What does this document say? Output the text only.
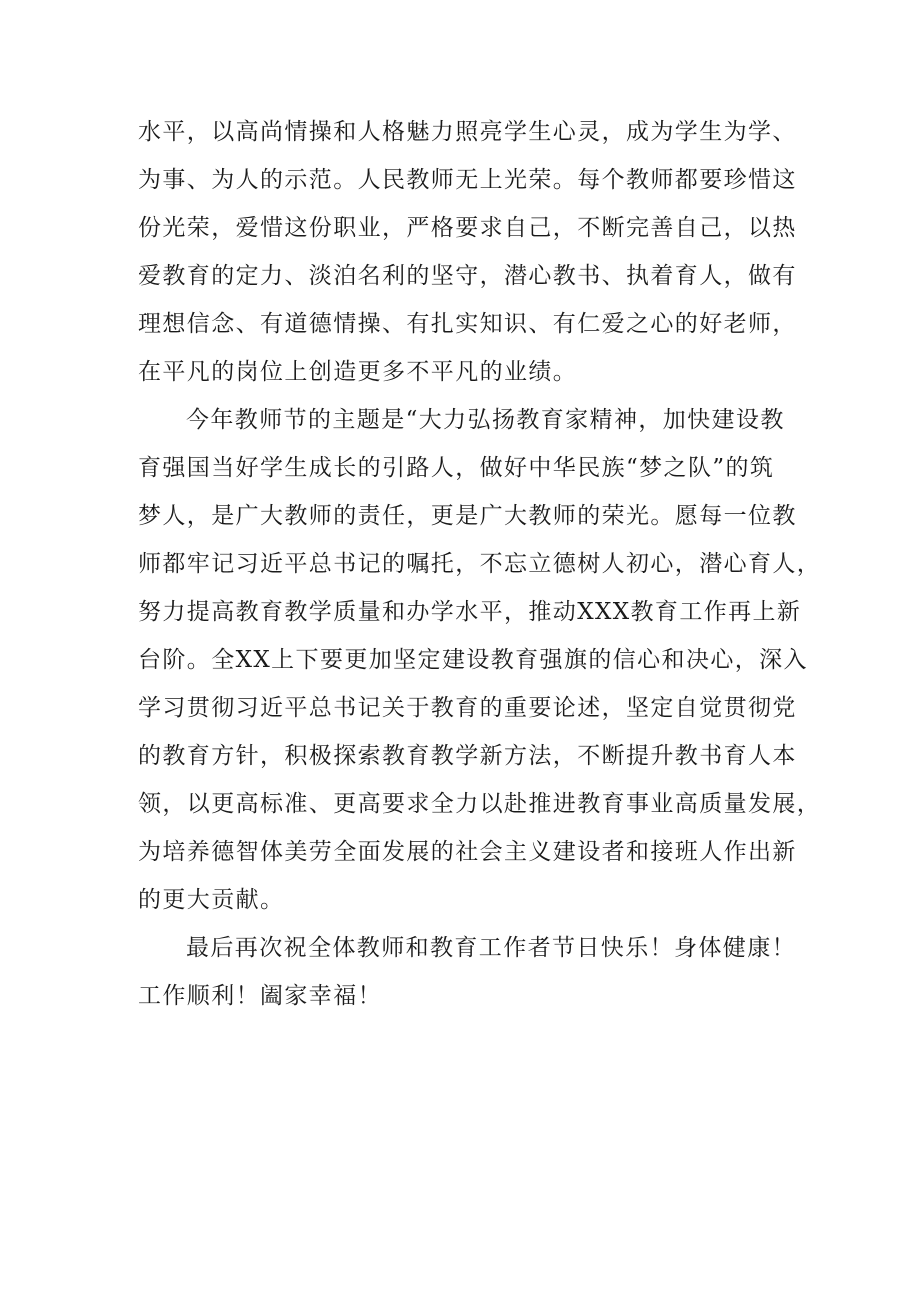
水平，以高尚情操和人格魅力照亮学生心灵，成为学生为学、
为事、为人的示范。人民教师无上光荣。每个教师都要珍惜这
份光荣，爱惜这份职业，严格要求自己，不断完善自己，以热
爱教育的定力、淡泊名利的坚守，潜心教书、执着育人，做有
理想信念、有道德情操、有扎实知识、有仁爱之心的好老师，
在平凡的岗位上创造更多不平凡的业绩。
今年教师节的主题是“大力弘扬教育家精神，加快建设教
育强国当好学生成长的引路人，做好中华民族“梦之队”的筑
梦人，是广大教师的责任，更是广大教师的荣光。愿每一位教
师都牢记习近平总书记的嘱托，不忘立德树人初心，潜心育人，
努力提高教育教学质量和办学水平，推动XXX教育工作再上新
台阶。全XX上下要更加坚定建设教育强旗的信心和决心，深入
学习贯彻习近平总书记关于教育的重要论述，坚定自觉贯彻党
的教育方针，积极探索教育教学新方法，不断提升教书育人本
领，以更高标准、更高要求全力以赴推进教育事业高质量发展，
为培养德智体美劳全面发展的社会主义建设者和接班人作出新
的更大贡献。
最后再次祝全体教师和教育工作者节日快乐！身体健康！
工作顺利！阖家幸福！
